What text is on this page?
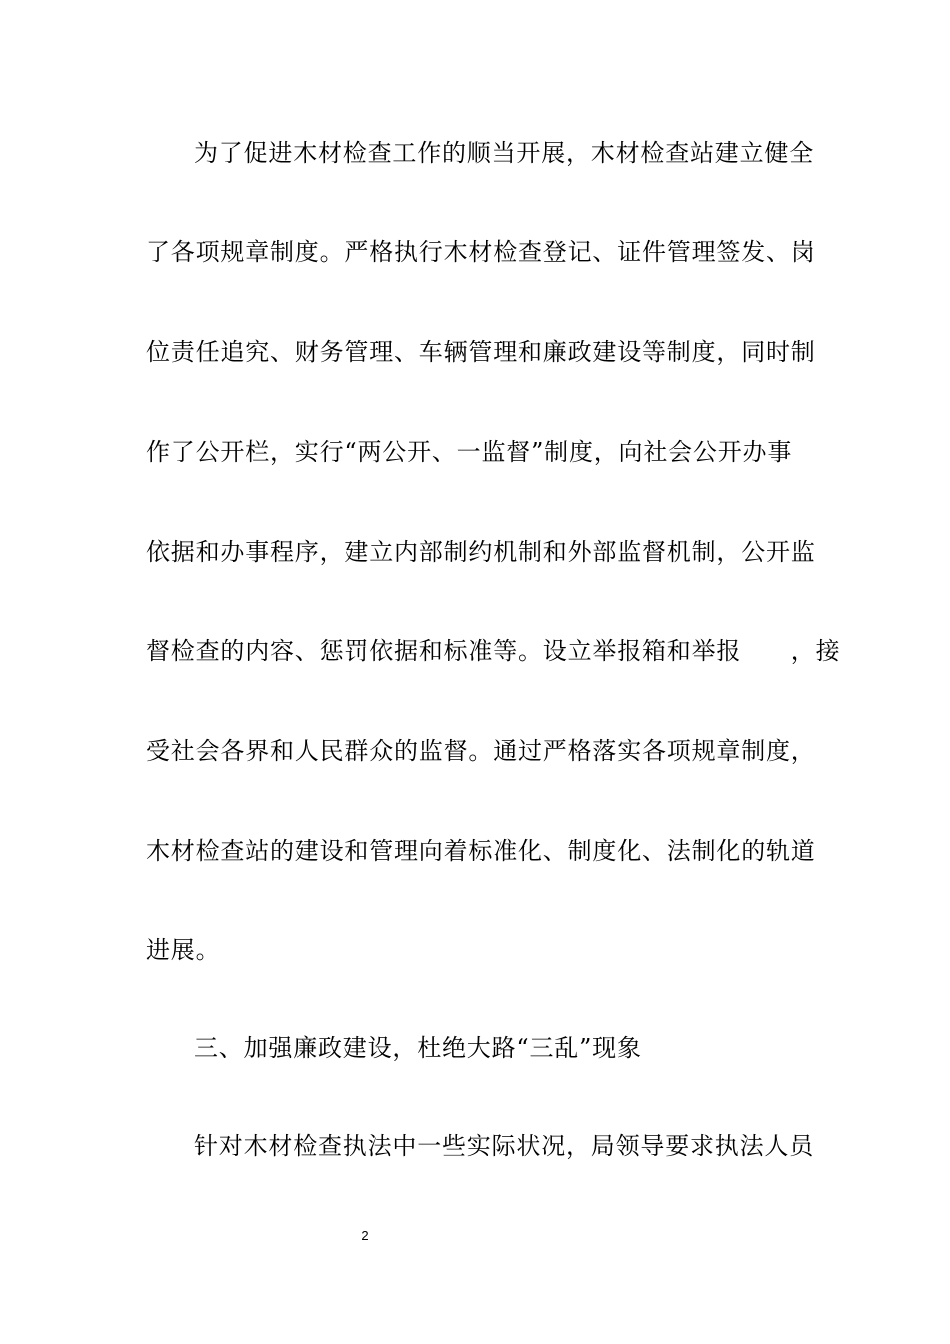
为了促进木材检查工作的顺当开展，木材检查站建立健全
了各项规章制度。严格执行木材检查登记、证件管理签发、岗
位责任追究、财务管理、车辆管理和廉政建设等制度，同时制
作了公开栏，实行“两公开、一监督”制度，向社会公开办事
依据和办事程序，建立内部制约机制和外部监督机制，公开监
督检查的内容、惩罚依据和标准等。设立举报箱和举报　　，接
受社会各界和人民群众的监督。通过严格落实各项规章制度，
木材检查站的建设和管理向着标准化、制度化、法制化的轨道
进展。
三、加强廉政建设，杜绝大路“三乱”现象
针对木材检查执法中一些实际状况，局领导要求执法人员
2
